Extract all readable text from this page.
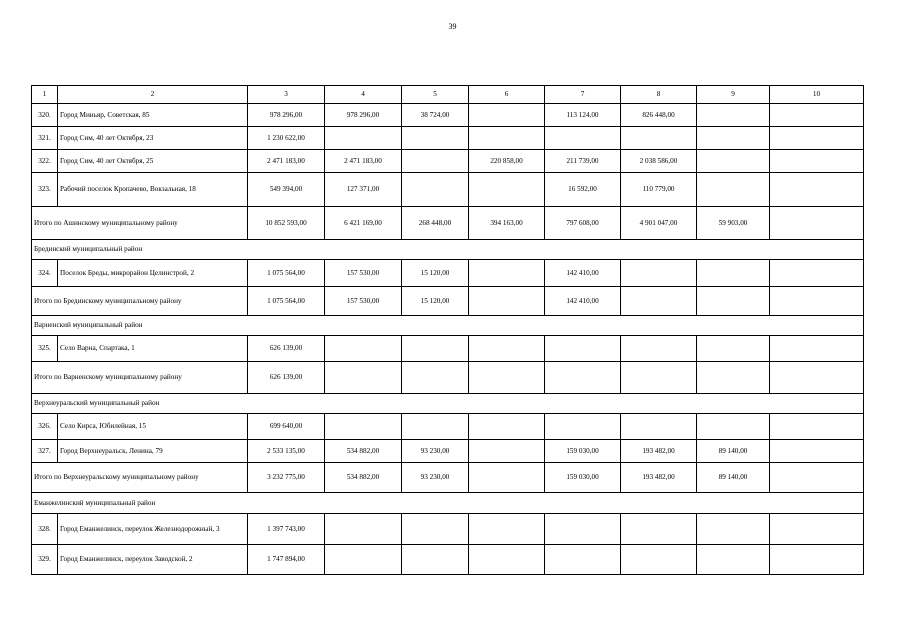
39
1	2	3	4	5	6	7	8	9	10
320.	Город Миньяр, Советская, 85	978 296,00	978 296,00	38 724,00		113 124,00	826 448,00		
321.	Город Сим, 40 лет Октября, 23	1 230 622,00							
322.	Город Сим, 40 лет Октября, 25	2 471 183,00	2 471 183,00		220 858,00	211 739,00	2 038 586,00		
323.	Рабочий поселок Кропачево, Вокзальная, 18	549 394,00	127 371,00			16 592,00	110 779,00		
Итого по Ашинскому муниципальному району		10 852 593,00	6 421 169,00	268 448,00	394 163,00	797 608,00	4 901 047,00	59 903,00	
Брединский муниципальный район									
324.	Поселок Бреды, микрорайон Целинстрой, 2	1 075 564,00	157 530,00	15 120,00		142 410,00			
Итого по Брединскому муниципальному району		1 075 564,00	157 530,00	15 120,00		142 410,00			
Варненский муниципальный район									
325.	Село Варна, Спартака, 1	626 139,00							
Итого по Варненскому муниципальному району		626 139,00							
Верхнеуральский муниципальный район									
326.	Село Кирса, Юбилейная, 15	699 640,00							
327.	Город Верхнеуральск, Ленина, 79	2 533 135,00	534 882,00	93 230,00		159 030,00	193 482,00	89 140,00	
Итого по Верхнеуральскому муниципальному району		3 232 775,00	534 882,00	93 230,00		159 030,00	193 482,00	89 140,00	
Еманжелинский муниципальный район									
328.	Город Еманжелинск, переулок Железнодорожный, 3	1 397 743,00							
329.	Город Еманжелинск, переулок Заводской, 2	1 747 894,00							
